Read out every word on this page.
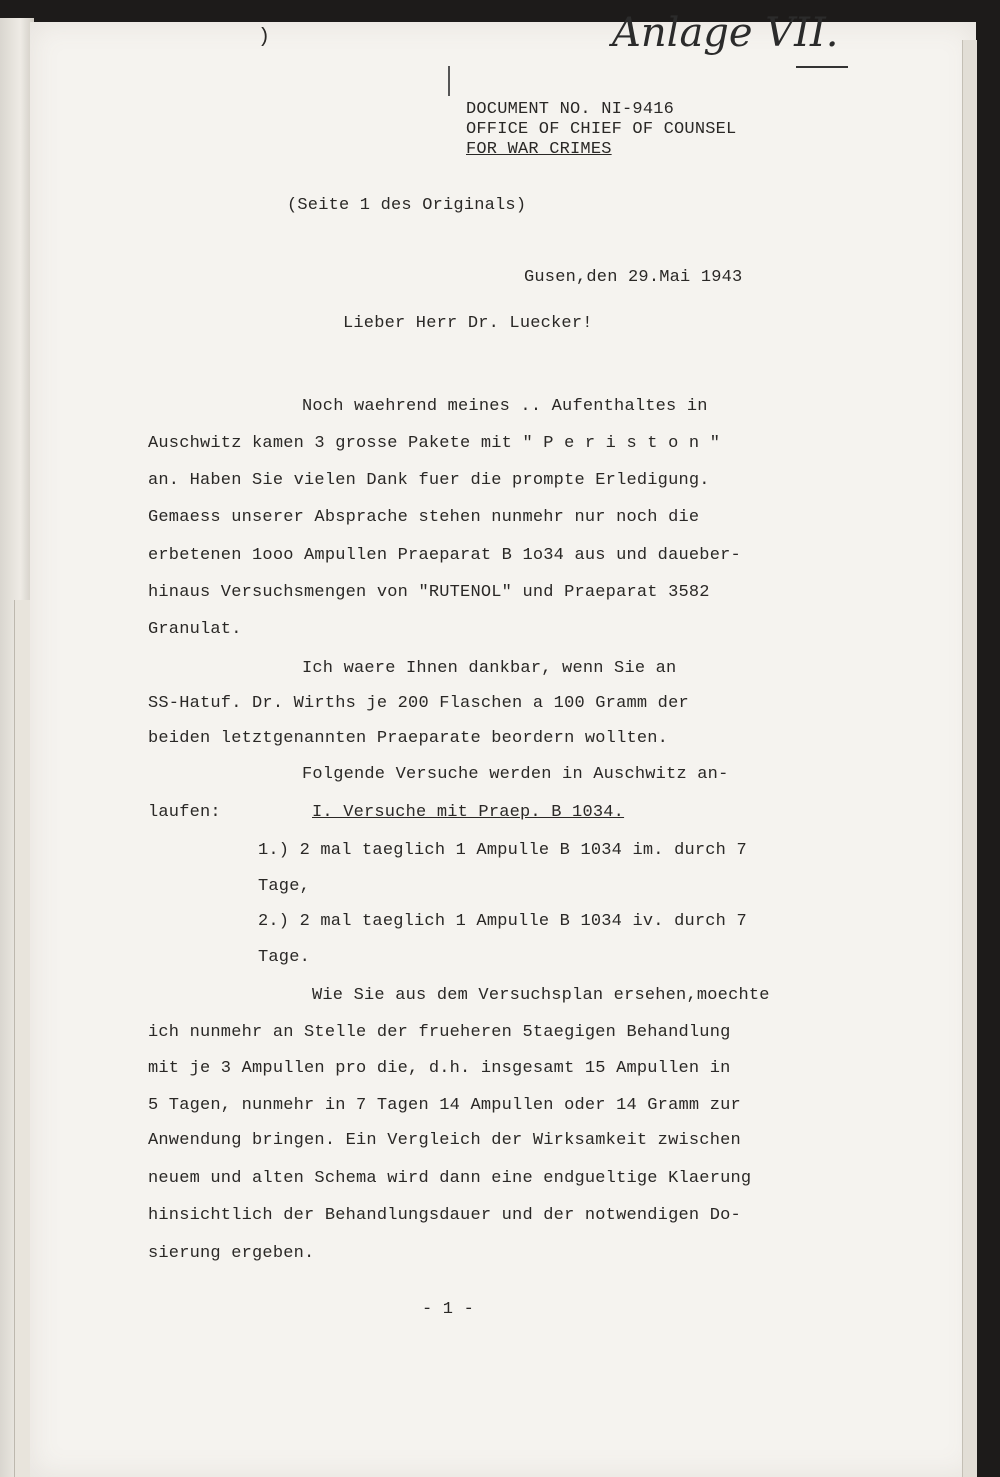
)	Anlage VII.
DOCUMENT NO. NI-9416
OFFICE OF CHIEF OF COUNSEL
FOR WAR CRIMES
(Seite 1 des Originals)
Gusen,den 29.Mai 1943
Lieber Herr Dr. Luecker!
Noch waehrend meines .. Aufenthaltes in
Auschwitz kamen 3 grosse Pakete mit " P e r i s t o n "
an. Haben Sie vielen Dank fuer die prompte Erledigung.
Gemaess unserer Absprache stehen nunmehr nur noch die
erbetenen 1ooo Ampullen Praeparat B 1o34 aus und daueber-
hinaus Versuchsmengen von "RUTENOL" und Praeparat 3582
Granulat.
Ich waere Ihnen dankbar, wenn Sie an
SS-Hatuf. Dr. Wirths je 200 Flaschen a 100 Gramm der
beiden letztgenannten Praeparate beordern wollten.
Folgende Versuche werden in Auschwitz an-
laufen:	I. Versuche mit Praep. B 1034.
1.) 2 mal taeglich 1 Ampulle B 1034 im. durch 7
Tage,
2.) 2 mal taeglich 1 Ampulle B 1034 iv. durch 7
Tage.
Wie Sie aus dem Versuchsplan ersehen,moechte
ich nunmehr an Stelle der frueheren 5taegigen Behandlung
mit je 3 Ampullen pro die, d.h. insgesamt 15 Ampullen in
5 Tagen, nunmehr in 7 Tagen 14 Ampullen oder 14 Gramm zur
Anwendung bringen. Ein Vergleich der Wirksamkeit zwischen
neuem und alten Schema wird dann eine endgueltige Klaerung
hinsichtlich der Behandlungsdauer und der notwendigen Do-
sierung ergeben.
- 1 -
